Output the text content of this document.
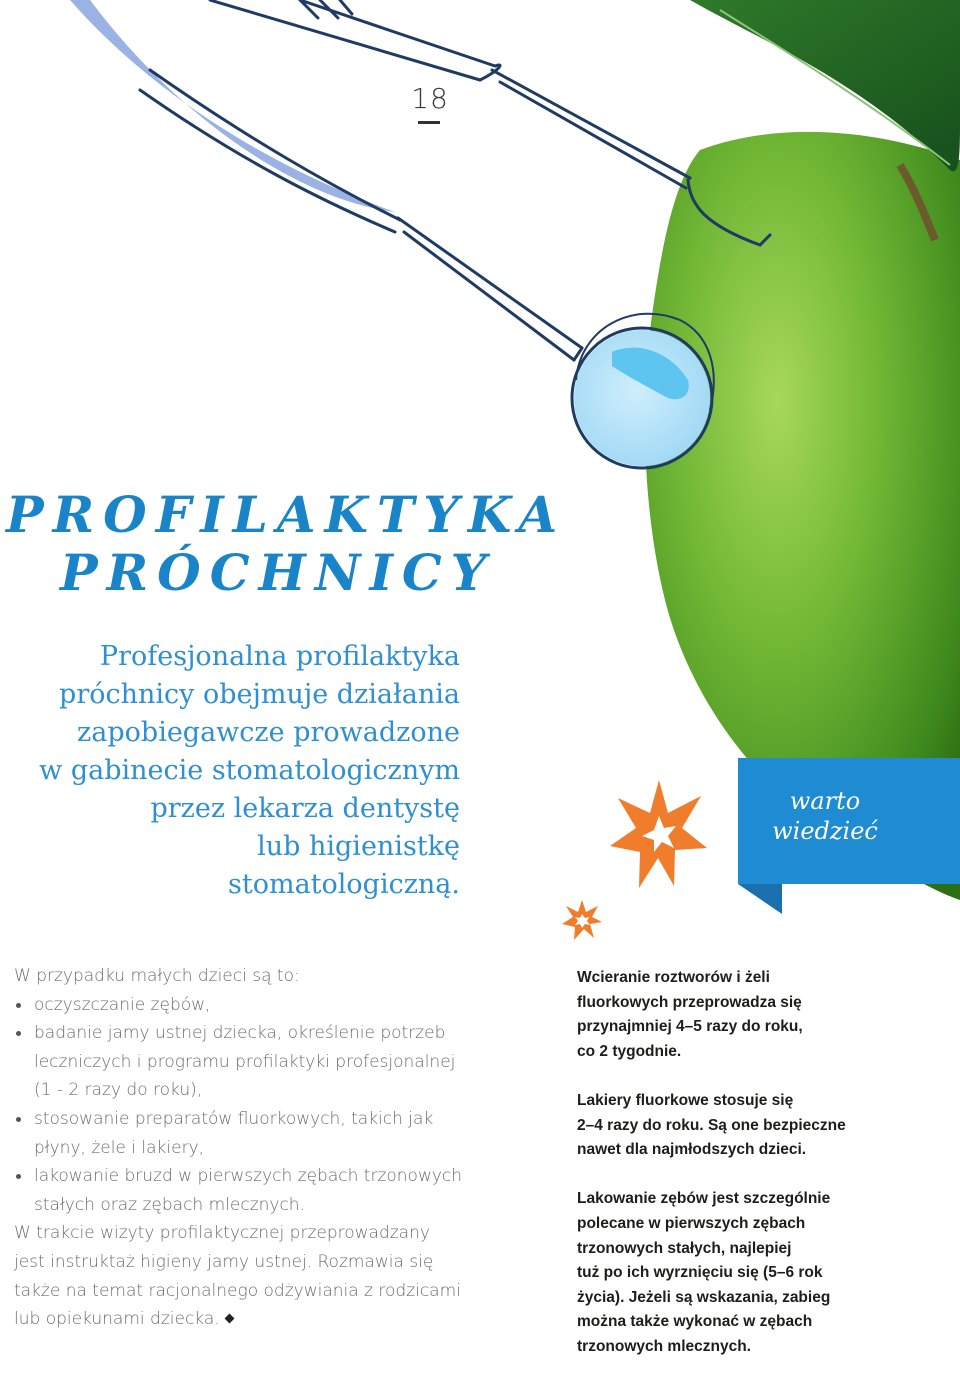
18
PROFILAKTYKA
PRÓCHNICY
Profesjonalna profilaktyka
próchnicy obejmuje działania
zapobiegawcze prowadzone
w gabinecie stomatologicznym
przez lekarza dentystę
lub higienistkę stomatologiczną.
warto
wiedzieć

W przypadku małych dzieci są to:

oczyszczanie zębów,
badanie jamy ustnej dziecka, określenie potrzeb leczniczych i programu profilaktyki profesjonalnej (1 - 2 razy do roku),
stosowanie preparatów fluorkowych, takich jak płyny, żele i lakiery,
lakowanie bruzd w pierwszych zębach trzonowych stałych oraz zębach mlecznych.

W trakcie wizyty profilaktycznej przeprowadzany jest instruktaż higieny jamy ustnej. Rozmawia się także na temat racjonalnego odżywiania z rodzicami lub opiekunami dziecka.

Wcieranie roztworów i żeli
fluorkowych przeprowadza się
przynajmniej 4–5 razy do roku,
co 2 tygodnie.

Lakiery fluorkowe stosuje się
2–4 razy do roku. Są one bezpieczne
nawet dla najmłodszych dzieci.

Lakowanie zębów jest szczególnie
polecane w pierwszych zębach
trzonowych stałych, najlepiej
tuż po ich wyrznięciu się (5–6 rok
życia). Jeżeli są wskazania, zabieg
można także wykonać w zębach
trzonowych mlecznych.
